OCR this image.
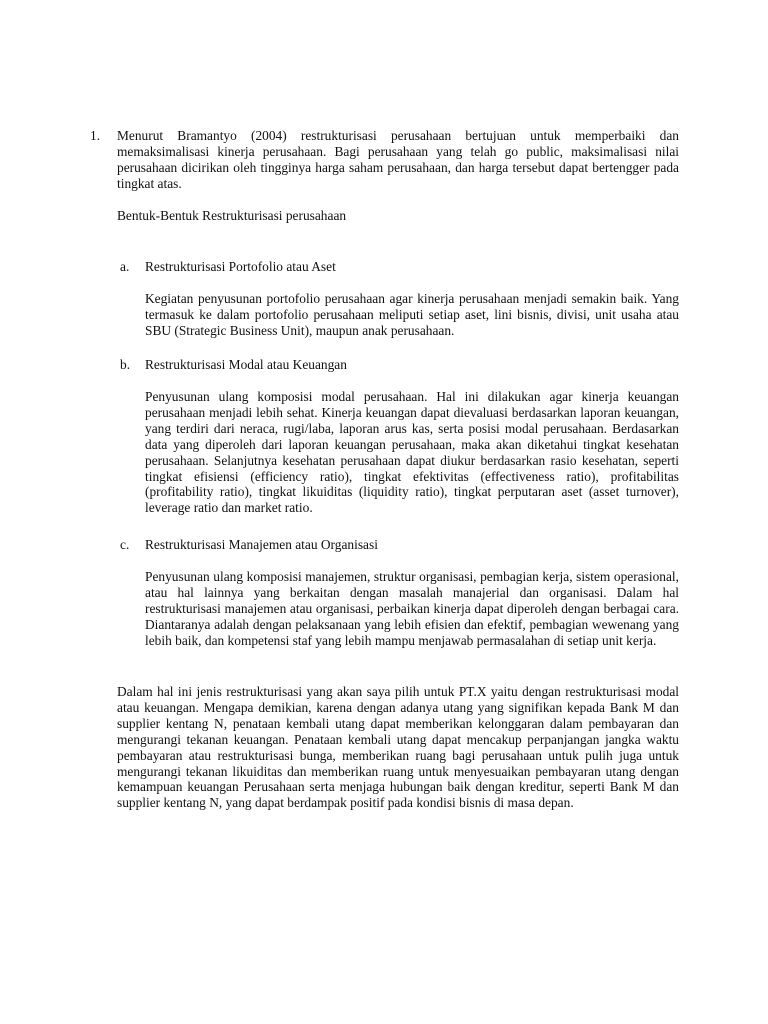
1. Menurut Bramantyo (2004) restrukturisasi perusahaan bertujuan untuk memperbaiki dan memaksimalisasi kinerja perusahaan. Bagi perusahaan yang telah go public, maksimalisasi nilai perusahaan dicirikan oleh tingginya harga saham perusahaan, dan harga tersebut dapat bertengger pada tingkat atas.

Bentuk-Bentuk Restrukturisasi perusahaan

a. Restrukturisasi Portofolio atau Aset

Kegiatan penyusunan portofolio perusahaan agar kinerja perusahaan menjadi semakin baik. Yang termasuk ke dalam portofolio perusahaan meliputi setiap aset, lini bisnis, divisi, unit usaha atau SBU (Strategic Business Unit), maupun anak perusahaan.

b. Restrukturisasi Modal atau Keuangan

Penyusunan ulang komposisi modal perusahaan. Hal ini dilakukan agar kinerja keuangan perusahaan menjadi lebih sehat. Kinerja keuangan dapat dievaluasi berdasarkan laporan keuangan, yang terdiri dari neraca, rugi/laba, laporan arus kas, serta posisi modal perusahaan. Berdasarkan data yang diperoleh dari laporan keuangan perusahaan, maka akan diketahui tingkat kesehatan perusahaan. Selanjutnya kesehatan perusahaan dapat diukur berdasarkan rasio kesehatan, seperti tingkat efisiensi (efficiency ratio), tingkat efektivitas (effectiveness ratio), profitabilitas (profitability ratio), tingkat likuiditas (liquidity ratio), tingkat perputaran aset (asset turnover), leverage ratio dan market ratio.

c. Restrukturisasi Manajemen atau Organisasi

Penyusunan ulang komposisi manajemen, struktur organisasi, pembagian kerja, sistem operasional, atau hal lainnya yang berkaitan dengan masalah manajerial dan organisasi. Dalam hal restrukturisasi manajemen atau organisasi, perbaikan kinerja dapat diperoleh dengan berbagai cara. Diantaranya adalah dengan pelaksanaan yang lebih efisien dan efektif, pembagian wewenang yang lebih baik, dan kompetensi staf yang lebih mampu menjawab permasalahan di setiap unit kerja.

Dalam hal ini jenis restrukturisasi yang akan saya pilih untuk PT.X yaitu dengan restrukturisasi modal atau keuangan. Mengapa demikian, karena dengan adanya utang yang signifikan kepada Bank M dan supplier kentang N, penataan kembali utang dapat memberikan kelonggaran dalam pembayaran dan mengurangi tekanan keuangan. Penataan kembali utang dapat mencakup perpanjangan jangka waktu pembayaran atau restrukturisasi bunga, memberikan ruang bagi perusahaan untuk pulih juga untuk mengurangi tekanan likuiditas dan memberikan ruang untuk menyesuaikan pembayaran utang dengan kemampuan keuangan Perusahaan serta menjaga hubungan baik dengan kreditur, seperti Bank M dan supplier kentang N, yang dapat berdampak positif pada kondisi bisnis di masa depan.
